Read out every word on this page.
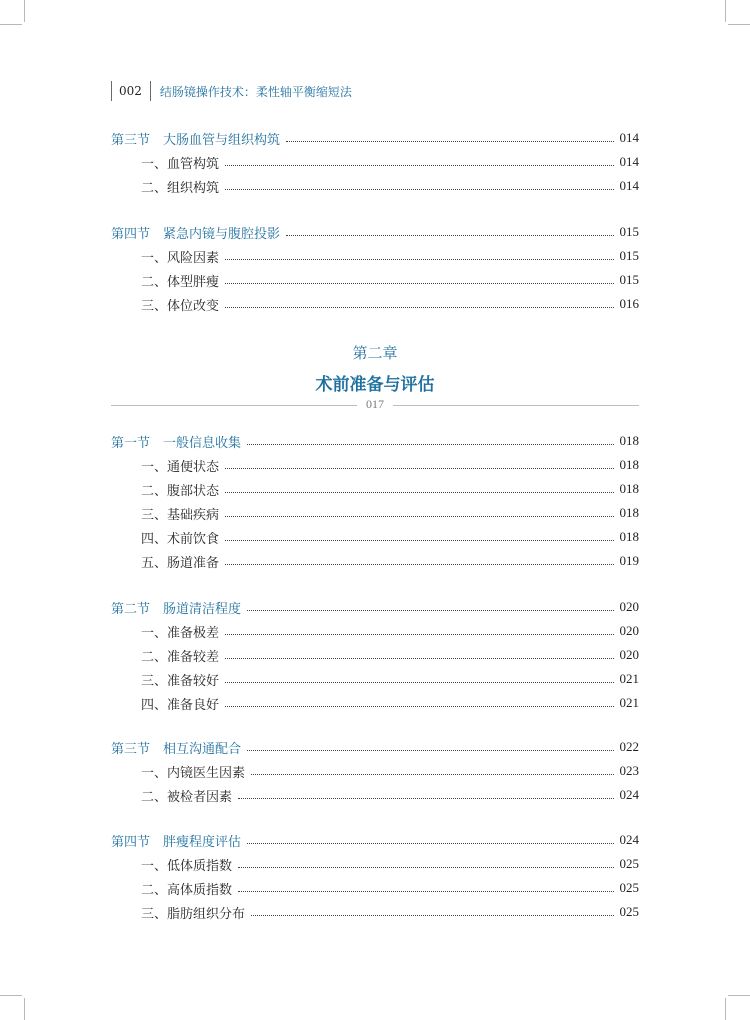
002	结肠镜操作技术：柔性轴平衡缩短法
第二章
术前准备与评估
017
第三节　大肠血管与组织构筑	014
一、血管构筑	014
二、组织构筑	014
第四节　紧急内镜与腹腔投影	015
一、风险因素	015
二、体型胖瘦	015
三、体位改变	016
第一节　一般信息收集	018
一、通便状态	018
二、腹部状态	018
三、基础疾病	018
四、术前饮食	018
五、肠道准备	019
第二节　肠道清洁程度	020
一、准备极差	020
二、准备较差	020
三、准备较好	021
四、准备良好	021
第三节　相互沟通配合	022
一、内镜医生因素	023
二、被检者因素	024
第四节　胖瘦程度评估	024
一、低体质指数	025
二、高体质指数	025
三、脂肪组织分布	025
